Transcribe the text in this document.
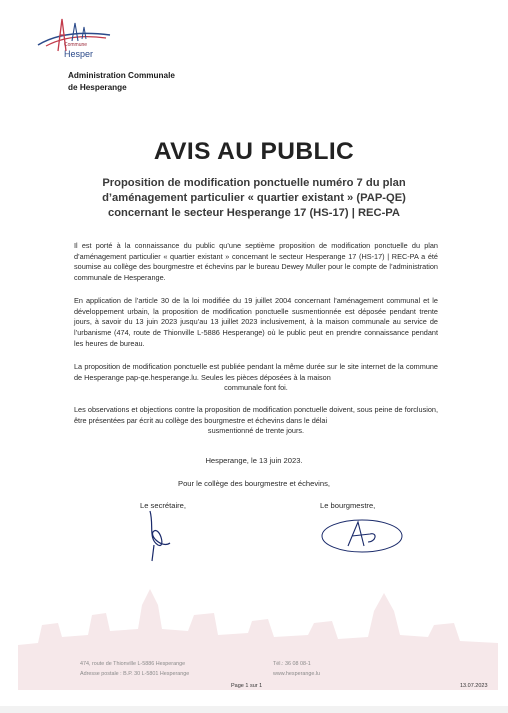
Commune
Hesper
Administration Communale
de Hesperange
AVIS AU PUBLIC
Proposition de modification ponctuelle numéro 7 du plan
d’aménagement particulier « quartier existant » (PAP-QE)
concernant le secteur Hesperange 17 (HS-17) | REC-PA
Il est porté à la connaissance du public qu’une septième proposition de modification ponctuelle du plan d’aménagement particulier « quartier existant » concernant le secteur Hesperange 17 (HS-17) | REC-PA a été soumise au collège des bourgmestre et échevins par le bureau Dewey Muller pour le compte de l’administration communale de Hesperange.
En application de l’article 30 de la loi modifiée du 19 juillet 2004 concernant l’aménagement communal et le développement urbain, la proposition de modification ponctuelle susmentionnée est déposée pendant trente jours, à savoir du 13 juin 2023 jusqu’au 13 juillet 2023 inclusivement, à la maison communale au service de l’urbanisme (474, route de Thionville L-5886 Hesperange) où le public peut en prendre connaissance pendant les heures de bureau.
La proposition de modification ponctuelle est publiée pendant la même durée sur le site internet de la commune de Hesperange pap-qe.hesperange.lu. Seules les pièces déposées à la maison
communale font foi.
Les observations et objections contre la proposition de modification ponctuelle doivent, sous peine de forclusion, être présentées par écrit au collège des bourgmestre et échevins dans le délai
susmentionné de trente jours.
Hesperange, le 13 juin 2023.
Pour le collège des bourgmestre et échevins,
Le secrétaire,	Le bourgmestre,
474, route de Thionville L-5886 Hesperange
Adresse postale : B.P. 30 L-5801 Hesperange
Tél.: 36 08 08-1
www.hesperange.lu
Page 1 sur 1	13.07.2023
